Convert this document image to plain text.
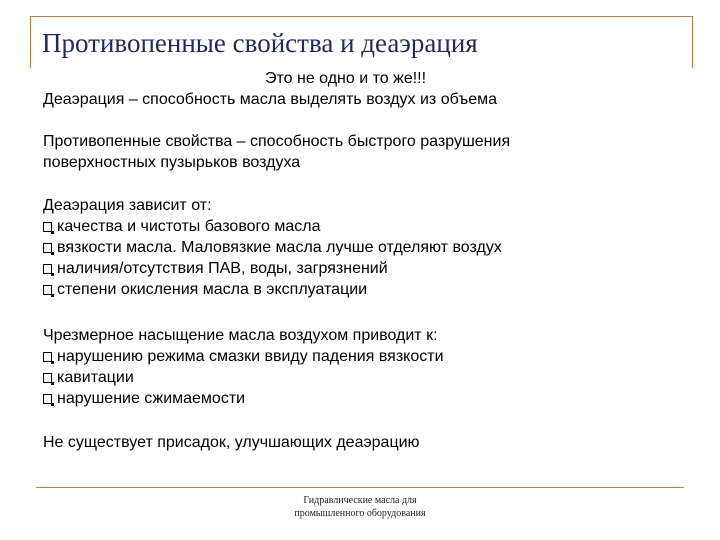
Противопенные свойства и деаэрация
Это не одно и то же!!!
Деаэрация – способность масла выделять воздух из объема
Противопенные свойства – способность быстрого разрушения
поверхностных пузырьков воздуха
Деаэрация зависит от:
качества и чистоты базового масла
вязкости масла. Маловязкие масла лучше отделяют воздух
наличия/отсутствия ПАВ, воды, загрязнений
степени окисления масла в эксплуатации
Чрезмерное насыщение масла воздухом приводит к:
нарушению режима смазки ввиду падения вязкости
кавитации
нарушение сжимаемости
Не существует присадок, улучшающих деаэрацию
Гидравлические масла для
промышленного оборудования
